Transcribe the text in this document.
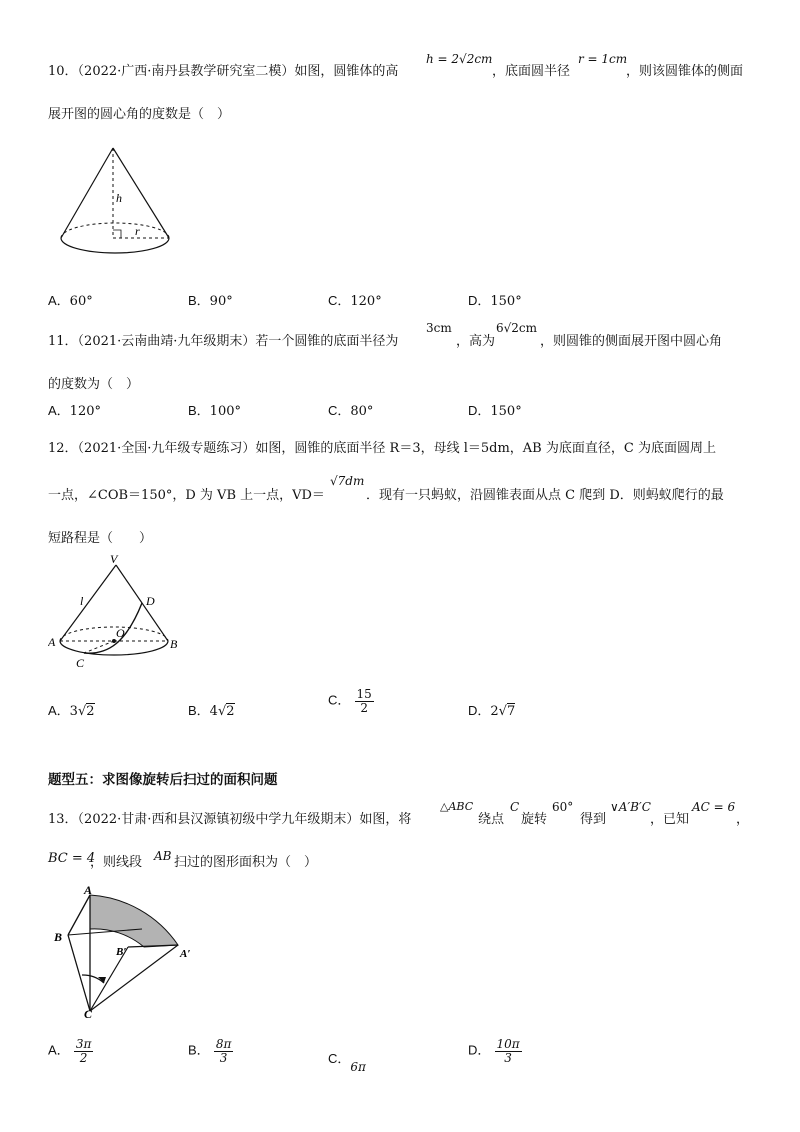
10．（2022·广西·南丹县教学研究室二模）如图，圆锥体的高
h = 2√2cm
，底面圆半径
r = 1cm
，则该圆锥体的侧面
展开图的圆心角的度数是（　）
h
r
A．60°	B．90°	C．120°	D．150°
11．（2021·云南曲靖·九年级期末）若一个圆锥的底面半径为
3cm
，高为
6√2cm
，则圆锥的侧面展开图中圆心角
的度数为（　）
A．120°	B．100°	C．80°	D．150°
12．（2021·全国·九年级专题练习）如图，圆锥的底面半径 R＝3，母线 l＝5dm，AB 为底面直径，C 为底面圆周上
一点，∠COB＝150°，D 为 VB 上一点，VD＝
√7dm
．现有一只蚂蚁，沿圆锥表面从点 C 爬到 D．则蚂蚁爬行的最
短路程是（　　）
V
l	D
A
O
B
C
A．3√2	B．4√2
C． $\frac{15}{2}$	D．2√7
题型五：求图像旋转后扫过的面积问题
13．（2022·甘肃·西和县汉源镇初级中学九年级期末）如图，将
△ABC
绕点
C
旋转
60°
得到
∨A′B′C
，已知
AC = 6
，
BC = 4
，则线段 AB 扫过的图形面积为（　）
A
B
B′	A′
C
A． $\frac{3\pi}{2}$	B． $\frac{8\pi}{3}$	C．6π
D． $\frac{10\pi}{3}$
